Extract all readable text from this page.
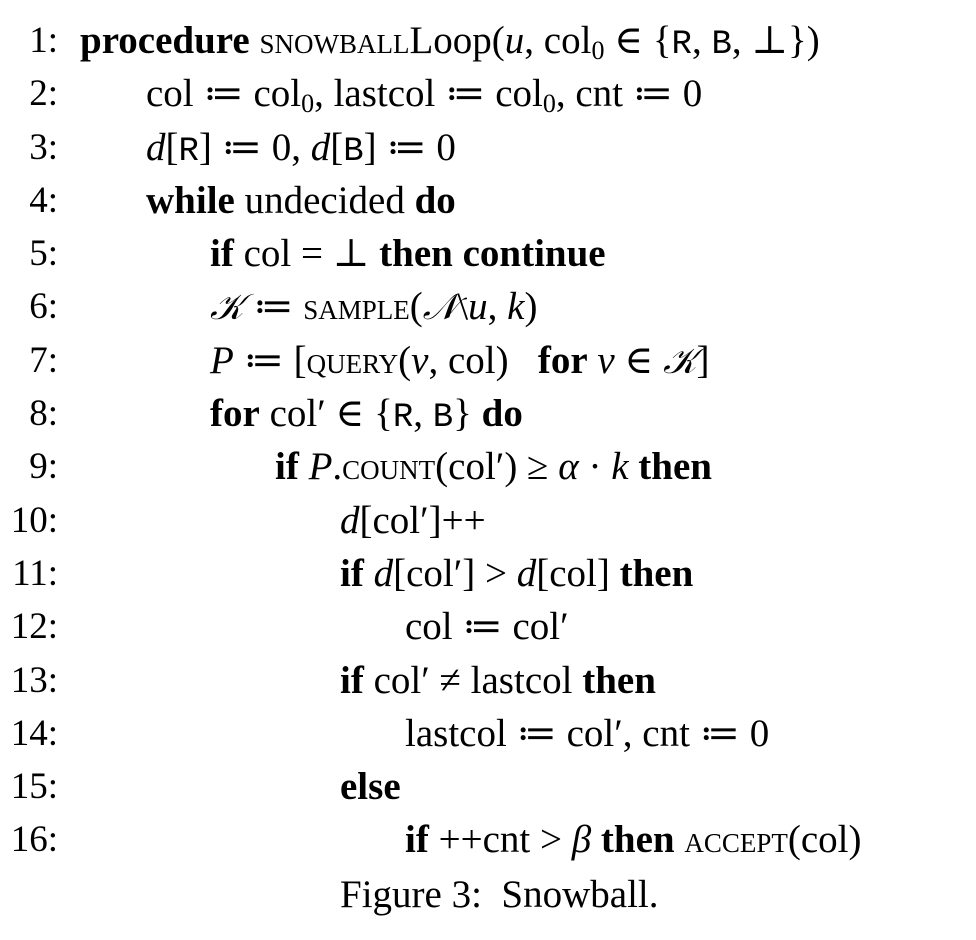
1: procedure snowballLoop(u, col$_0$ ∈ {R, B, ⊥})
2: col ≔ col$_0$, lastcol ≔ col$_0$, cnt ≔ 0
3: d[R] ≔ 0, d[B] ≔ 0
4: while undecided do
5:	if col = ⊥ then continue
6:	𝒦 ≔ sample(𝒩\u, k)
7:	P ≔ [query(v, col)   for v ∈ 𝒦]
8:	for col′ ∈ {R, B} do
9:	if P.count(col′) ≥ α · k then
10:	d[col′]++
11:	if d[col′] > d[col] then
12:	col ≔ col′
13:	if col′ ≠ lastcol then
14:	lastcol ≔ col′, cnt ≔ 0
15:	else
16:	if ++cnt > β then accept(col)
Figure 3:  Snowball.
